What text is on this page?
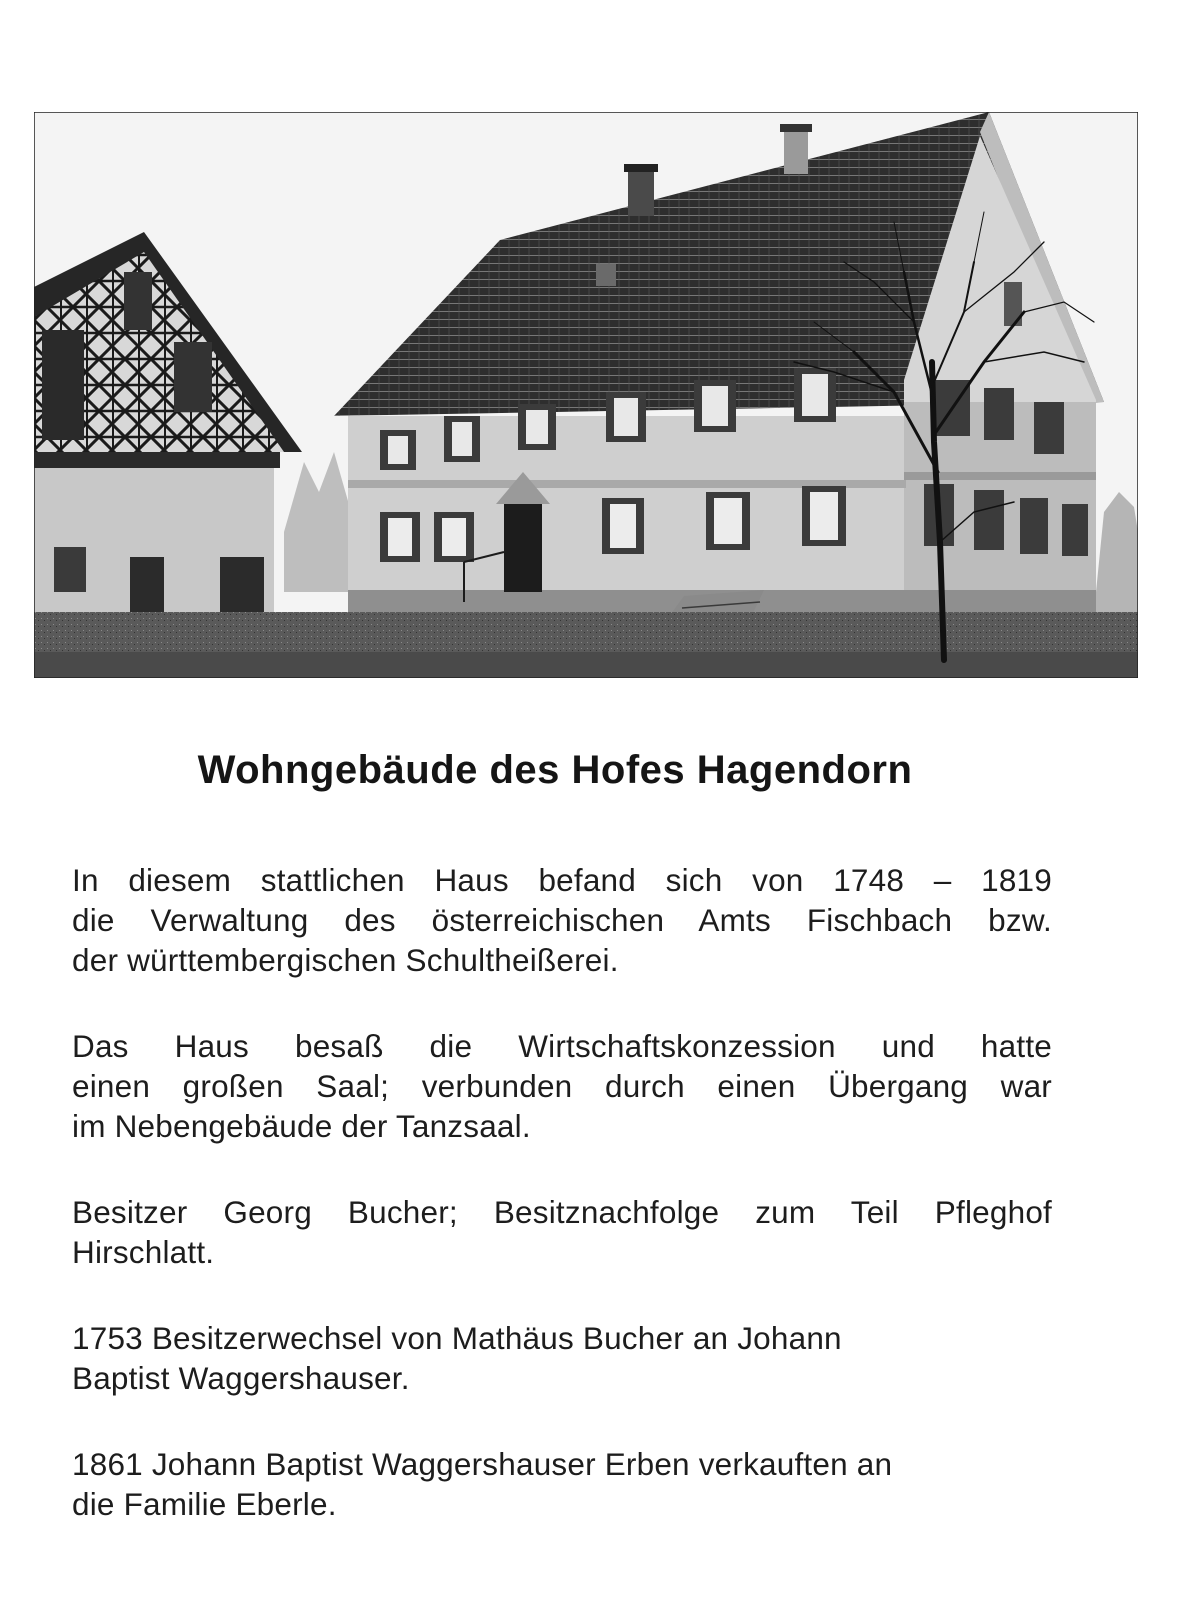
Wohngebäude des Hofes Hagendorn

In diesem stattlichen Haus befand sich von 1748 – 1819
die Verwaltung des österreichischen Amts Fischbach bzw.
der württembergischen Schultheißerei.

Das Haus besaß die Wirtschaftskonzession und hatte
einen großen Saal; verbunden durch einen Übergang war
im Nebengebäude der Tanzsaal.

Besitzer Georg Bucher; Besitznachfolge zum Teil Pfleghof
Hirschlatt.

1753 Besitzerwechsel von Mathäus Bucher an Johann
Baptist Waggershauser.

1861 Johann Baptist Waggershauser Erben verkauften an
die Familie Eberle.
